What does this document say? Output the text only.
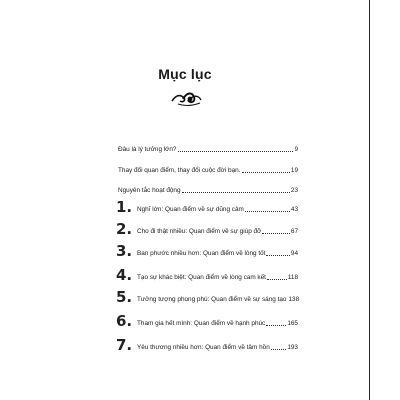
Mục lục
Đâu là lý tưởng lớn?	9
Thay đổi quan điểm, thay đổi cuộc đời bạn.	19
Nguyên tắc hoạt động	23
1. Nghĩ lớn: Quan điểm về sự dũng cảm	43
2. Cho đi thật nhiều: Quan điểm về sự giúp đỡ	67
3. Ban phước nhiều hơn: Quan điểm về lòng tốt	94
4. Tạo sự khác biệt: Quan điểm về lòng cam kết	118
5. Tưởng tượng phong phú: Quan điểm về sự sáng tạo 138
6. Tham gia hết mình: Quan điểm về hạnh phúc	165
7. Yêu thương nhiều hơn: Quan điểm về tâm hồn	193
